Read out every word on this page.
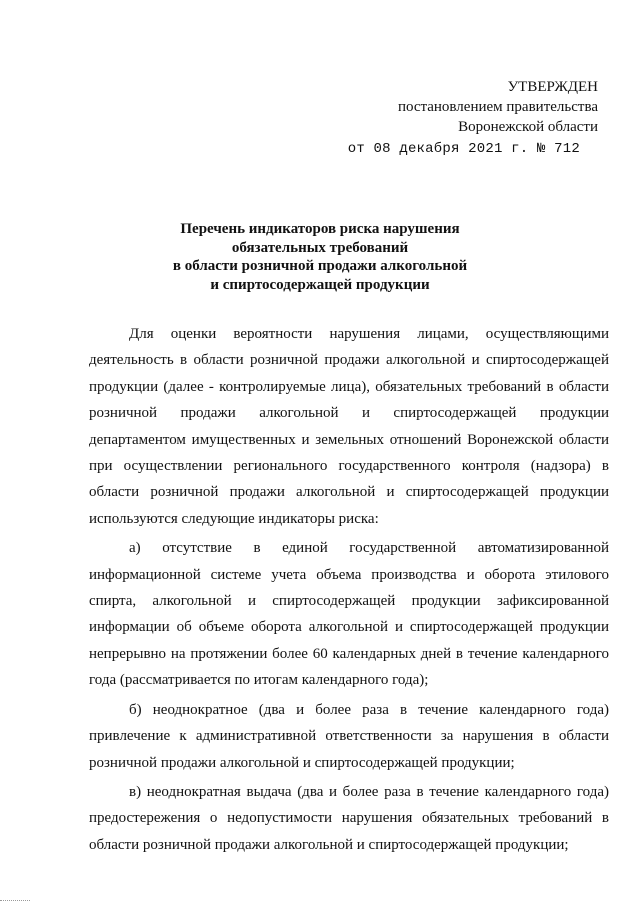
УТВЕРЖДЕН
постановлением правительства
Воронежской области
от 08 декабря 2021 г. № 712
Перечень индикаторов риска нарушения
обязательных требований
в области розничной продажи алкогольной
и спиртосодержащей продукции

Для оценки вероятности нарушения лицами, осуществляющими деятельность в области розничной продажи алкогольной и спиртосодержащей продукции (далее - контролируемые лица), обязательных требований в области розничной продажи алкогольной и спиртосодержащей продукции департаментом имущественных и земельных отношений Воронежской области при осуществлении регионального государственного контроля (надзора) в области розничной продажи алкогольной и спиртосодержащей продукции используются следующие индикаторы риска:

а) отсутствие в единой государственной автоматизированной информационной системе учета объема производства и оборота этилового спирта, алкогольной и спиртосодержащей продукции зафиксированной информации об объеме оборота алкогольной и спиртосодержащей продукции непрерывно на протяжении более 60 календарных дней в течение календарного года (рассматривается по итогам календарного года);

б) неоднократное (два и более раза в течение календарного года) привлечение к административной ответственности за нарушения в области розничной продажи алкогольной и спиртосодержащей продукции;

в) неоднократная выдача (два и более раза в течение календарного года) предостережения о недопустимости нарушения обязательных требований в области розничной продажи алкогольной и спиртосодержащей продукции;
